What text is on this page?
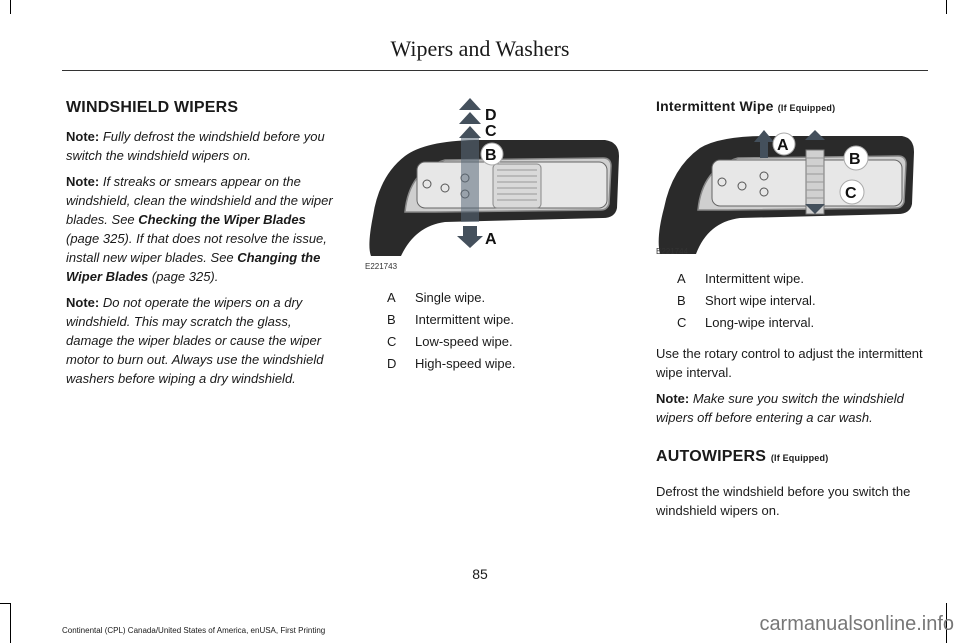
Wipers and Washers
WINDSHIELD WIPERS

Note: Fully defrost the windshield before you switch the windshield wipers on.

Note: If streaks or smears appear on the windshield, clean the windshield and the wiper blades. See Checking the Wiper Blades (page 325). If that does not resolve the issue, install new wiper blades. See Changing the Wiper Blades (page 325).

Note: Do not operate the wipers on a dry windshield. This may scratch the glass, damage the wiper blades or cause the wiper motor to burn out. Always use the windshield washers before wiping a dry windshield.

D
C
B
A
E221743
A Single wipe.
B Intermittent wipe.
C Low-speed wipe.
D High-speed wipe.
Intermittent Wipe (If Equipped)
A
B
C
E221744
A Intermittent wipe.
B Short wipe interval.
C Long-wipe interval.

Use the rotary control to adjust the intermittent wipe interval.

Note: Make sure you switch the windshield wipers off before entering a car wash.

AUTOWIPERS (If Equipped)

Defrost the windshield before you switch the windshield wipers on.

85
Continental (CPL) Canada/United States of America, enUSA, First Printing	carmanualsonline.info
